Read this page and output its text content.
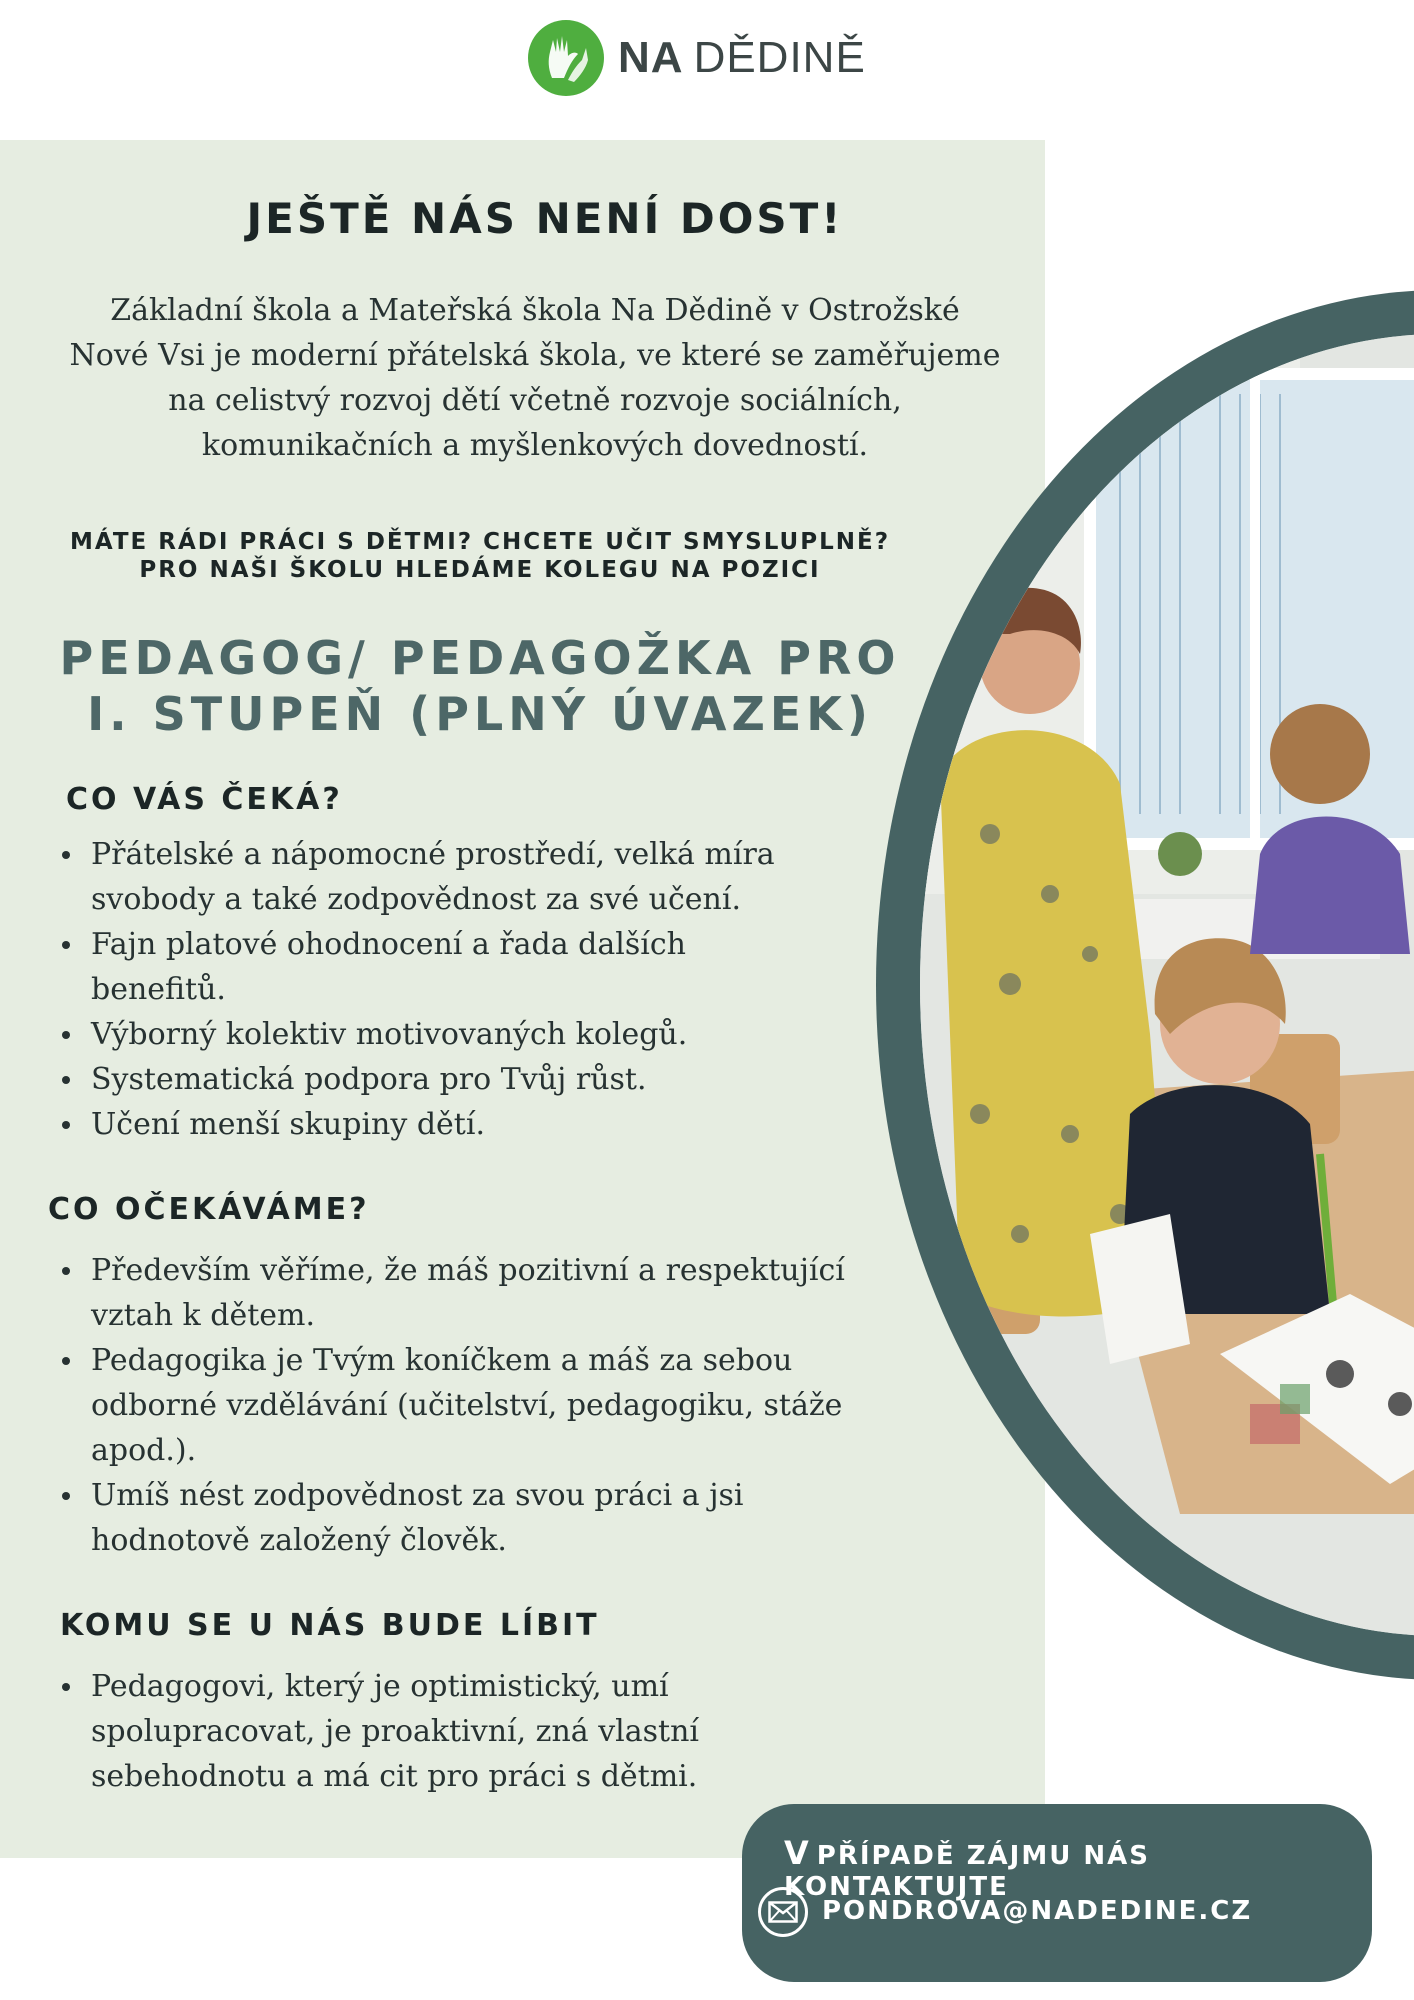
NA DĚDINĚ
JEŠTĚ NÁS NENÍ DOST!
Základní škola a Mateřská škola Na Dědině v Ostrožské
Nové Vsi je moderní přátelská škola, ve které se zaměřujeme
na celistvý rozvoj dětí včetně rozvoje sociálních,
komunikačních a myšlenkových dovedností.
MÁTE RÁDI PRÁCI S DĚTMI? CHCETE UČIT SMYSLUPLNĚ?
PRO NAŠI ŠKOLU HLEDÁME KOLEGU NA POZICI
PEDAGOG/ PEDAGOŽKA PRO
I. STUPEŇ (PLNÝ ÚVAZEK)
CO VÁS ČEKÁ?
Přátelské a nápomocné prostředí, velká míra svobody a také zodpovědnost za své učení.
Fajn platové ohodnocení a řada dalších benefitů.
Výborný kolektiv motivovaných kolegů.
Systematická podpora pro Tvůj růst.
Učení menší skupiny dětí.
CO OČEKÁVÁME?
Především věříme, že máš pozitivní a respektující vztah k dětem.
Pedagogika je Tvým koníčkem a máš za sebou odborné vzdělávání (učitelství, pedagogiku, stáže apod.).
Umíš nést zodpovědnost za svou práci a jsi hodnotově založený člověk.
KOMU SE U NÁS BUDE LÍBIT
Pedagogovi, který je optimistický, umí spolupracovat, je proaktivní, zná vlastní sebehodnotu a má cit pro práci s dětmi.
V PŘÍPADĚ ZÁJMU NÁS KONTAKTUJTE
PONDROVA@NADEDINE.CZ
